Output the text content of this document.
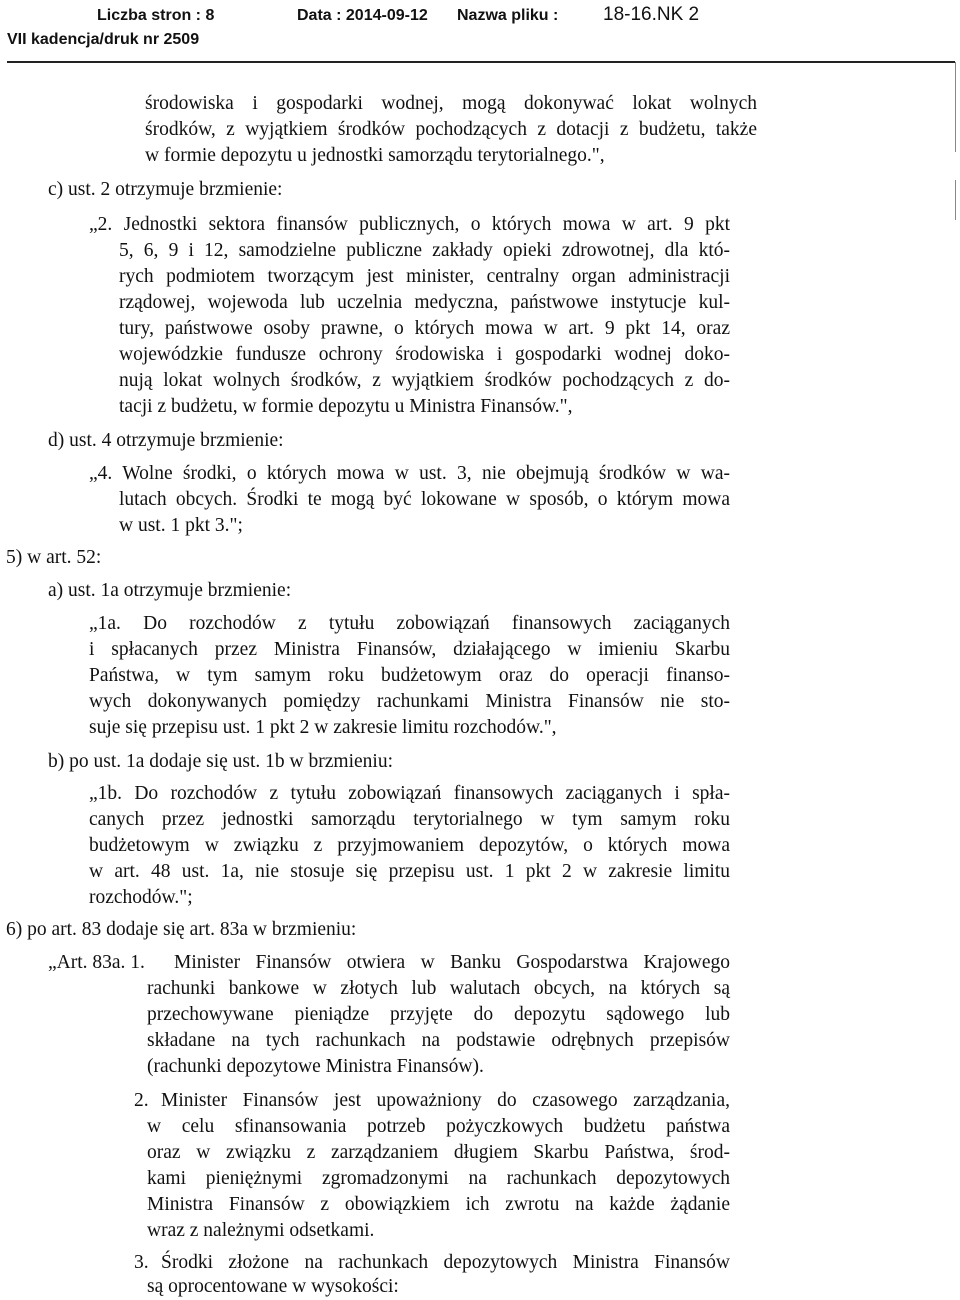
Liczba stron : 8	Data : 2014-09-12 Nazwa pliku : 18-16.NK 2
VII kadencja/druk nr 2509
środowiska i gospodarki wodnej, mogą dokonywać lokat wolnych
środków, z wyjątkiem środków pochodzących z dotacji z budżetu, także
w formie depozytu u jednostki samorządu terytorialnego.",
c) ust. 2 otrzymuje brzmienie:
„2. Jednostki sektora finansów publicznych, o których mowa w art. 9 pkt
5, 6, 9 i 12, samodzielne publiczne zakłady opieki zdrowotnej, dla któ-
rych podmiotem tworzącym jest minister, centralny organ administracji
rządowej, wojewoda lub uczelnia medyczna, państwowe instytucje kul-
tury, państwowe osoby prawne, o których mowa w art. 9 pkt 14, oraz
wojewódzkie fundusze ochrony środowiska i gospodarki wodnej doko-
nują lokat wolnych środków, z wyjątkiem środków pochodzących z do-
tacji z budżetu, w formie depozytu u Ministra Finansów.",
d) ust. 4 otrzymuje brzmienie:
„4. Wolne środki, o których mowa w ust. 3, nie obejmują środków w wa-
lutach obcych. Środki te mogą być lokowane w sposób, o którym mowa
w ust. 1 pkt 3.";
5) w art. 52:
a) ust. 1a otrzymuje brzmienie:
„1a. Do rozchodów z tytułu zobowiązań finansowych zaciąganych
i spłacanych przez Ministra Finansów, działającego w imieniu Skarbu
Państwa, w tym samym roku budżetowym oraz do operacji finanso-
wych dokonywanych pomiędzy rachunkami Ministra Finansów nie sto-
suje się przepisu ust. 1 pkt 2 w zakresie limitu rozchodów.",
b) po ust. 1a dodaje się ust. 1b w brzmieniu:
„1b. Do rozchodów z tytułu zobowiązań finansowych zaciąganych i spła-
canych przez jednostki samorządu terytorialnego w tym samym roku
budżetowym w związku z przyjmowaniem depozytów, o których mowa
w art. 48 ust. 1a, nie stosuje się przepisu ust. 1 pkt 2 w zakresie limitu
rozchodów.";
6) po art. 83 dodaje się art. 83a w brzmieniu:
„Art. 83a. 1. Minister Finansów otwiera w Banku Gospodarstwa Krajowego
rachunki bankowe w złotych lub walutach obcych, na których są
przechowywane pieniądze przyjęte do depozytu sądowego lub
składane na tych rachunkach na podstawie odrębnych przepisów
(rachunki depozytowe Ministra Finansów).
2. Minister Finansów jest upoważniony do czasowego zarządzania,
w celu sfinansowania potrzeb pożyczkowych budżetu państwa
oraz w związku z zarządzaniem długiem Skarbu Państwa, środ-
kami pieniężnymi zgromadzonymi na rachunkach depozytowych
Ministra Finansów z obowiązkiem ich zwrotu na każde żądanie
wraz z należnymi odsetkami.
3. Środki złożone na rachunkach depozytowych Ministra Finansów
są oprocentowane w wysokości:
